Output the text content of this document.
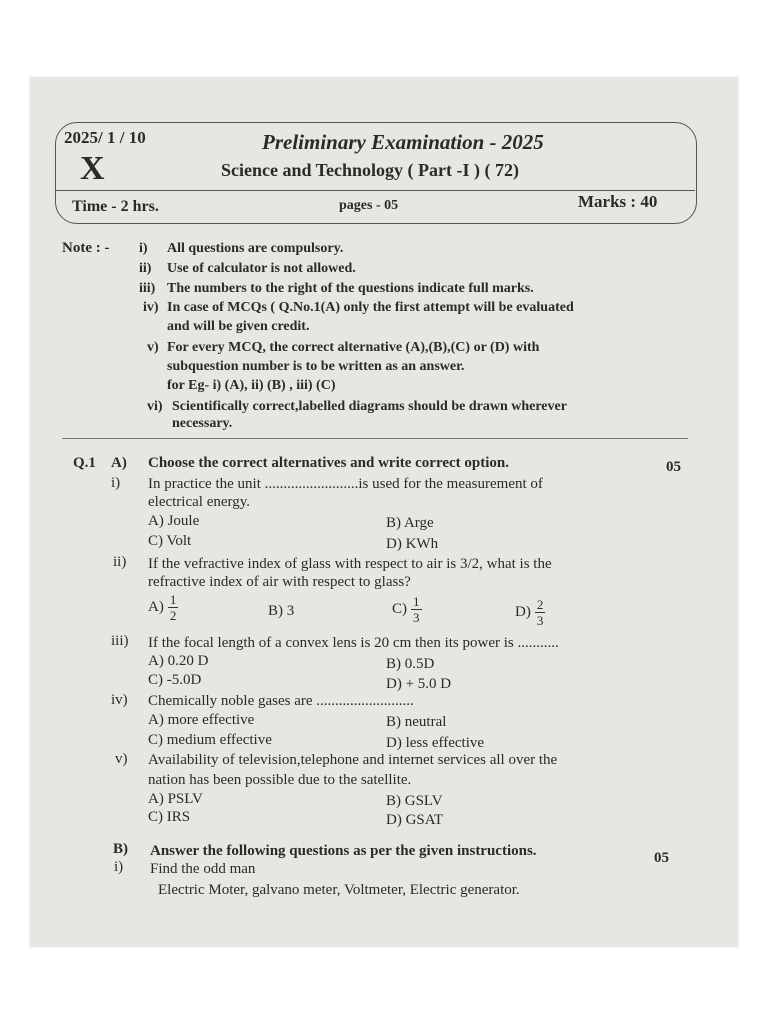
2025/ 1 / 10
X
Preliminary Examination - 2025
Science and Technology ( Part -I ) ( 72)
Time - 2 hrs.	pages - 05	Marks : 40
Note : - i) All questions are compulsory.
ii) Use of calculator is not allowed.
iii) The numbers to the right of the questions indicate full marks.
iv) In case of MCQs ( Q.No.1(A) only the first attempt will be evaluated
and will be given credit.
v) For every MCQ, the correct alternative (A),(B),(C) or (D) with
subquestion number is to be written as an answer.
for Eg- i) (A), ii) (B) , iii) (C)
vi) Scientifically correct,labelled diagrams should be drawn wherever
necessary.
Q.1 A) Choose the correct alternatives and write correct option.	05
i) In practice the unit .........................is used for the measurement of
electrical energy.
A) Joule	B) Arge
C) Volt	D) KWh
ii) If the vefractive index of glass with respect to air is 3/2, what is the
refractive index of air with respect to glass?
$A) \frac{1}{2}$	B) 3	$C) \frac{1}{3}$	$D) \frac{2}{3}$
iii) If the focal length of a convex lens is 20 cm then its power is ...........
A) 0.20 D	B) 0.5D
C) -5.0D	D) + 5.0 D
iv) Chemically noble gases are ..........................
A) more effective	B) neutral
C) medium effective	D) less effective
v) Availability of television,telephone and internet services all over the
nation has been possible due to the satellite.
A) PSLV	B) GSLV
C) IRS	D) GSAT
B) Answer the following questions as per the given instructions.	05
i) Find the odd man
Electric Moter, galvano meter, Voltmeter, Electric generator.
